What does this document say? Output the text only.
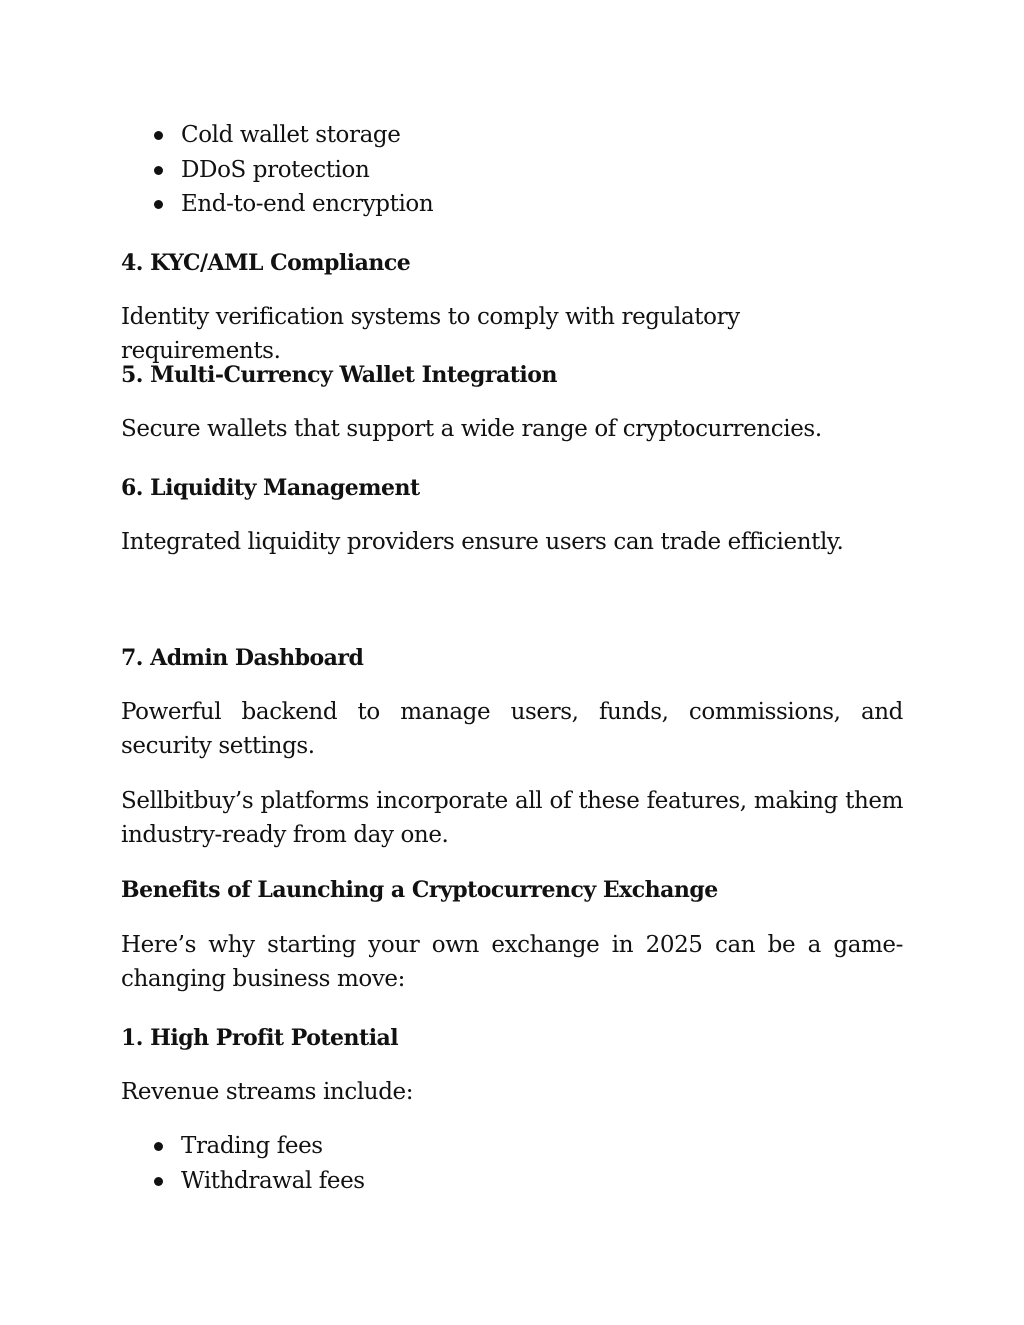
Cold wallet storage
DDoS protection
End-to-end encryption
4. KYC/AML Compliance
Identity verification systems to comply with regulatory requirements.
5. Multi-Currency Wallet Integration
Secure wallets that support a wide range of cryptocurrencies.
6. Liquidity Management
Integrated liquidity providers ensure users can trade efficiently.
7. Admin Dashboard
Powerful backend to manage users, funds, commissions, and security settings.
Sellbitbuy’s platforms incorporate all of these features, making them industry-ready from day one.
Benefits of Launching a Cryptocurrency Exchange
Here’s why starting your own exchange in 2025 can be a game-changing business move:
1. High Profit Potential
Revenue streams include:
Trading fees
Withdrawal fees
